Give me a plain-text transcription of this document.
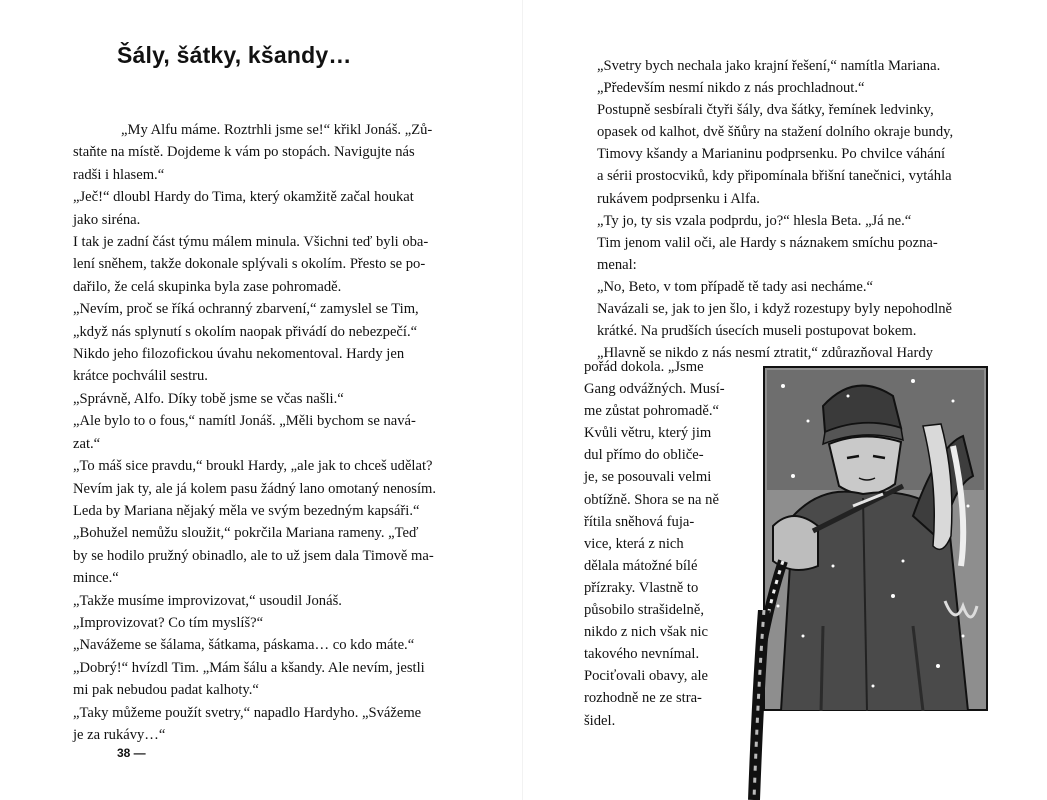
Šály, šátky, kšandy…

„My Alfu máme. Roztrhli jsme se!“ křikl Jonáš. „Zů-

staňte na místě. Dojdeme k vám po stopách. Navigujte nás

radši i hlasem.“

„Ječ!“ dloubl Hardy do Tima, který okamžitě začal houkat

jako siréna.

I tak je zadní část týmu málem minula. Všichni teď byli oba-

lení sněhem, takže dokonale splývali s okolím. Přesto se po-

dařilo, že celá skupinka byla zase pohromadě.

„Nevím, proč se říká ochranný zbarvení,“ zamyslel se Tim,

„když nás splynutí s okolím naopak přivádí do nebezpečí.“

Nikdo jeho filozofickou úvahu nekomentoval. Hardy jen

krátce pochválil sestru.

„Správně, Alfo. Díky tobě jsme se včas našli.“

„Ale bylo to o fous,“ namítl Jonáš. „Měli bychom se navá-

zat.“

„To máš sice pravdu,“ broukl Hardy, „ale jak to chceš udělat?

Nevím jak ty, ale já kolem pasu žádný lano omotaný nenosím.

Leda by Mariana nějaký měla ve svým bezedným kapsáři.“

„Bohužel nemůžu sloužit,“ pokrčila Mariana rameny. „Teď

by se hodilo pružný obinadlo, ale to už jsem dala Timově ma-

mince.“

„Takže musíme improvizovat,“ usoudil Jonáš.

„Improvizovat? Co tím myslíš?“

„Navážeme se šálama, šátkama, páskama… co kdo máte.“

„Dobrý!“ hvízdl Tim. „Mám šálu a kšandy. Ale nevím, jestli

mi pak nebudou padat kalhoty.“

„Taky můžeme použít svetry,“ napadlo Hardyho. „Svážeme

je za rukávy…“

38 —

„Svetry bych nechala jako krajní řešení,“ namítla Mariana.

„Především nesmí nikdo z nás prochladnout.“

Postupně sesbírali čtyři šály, dva šátky, řemínek ledvinky,

opasek od kalhot, dvě šňůry na stažení dolního okraje bundy,

Timovy kšandy a Marianinu podprsenku. Po chvilce váhání

a sérii prostocviků, kdy připomínala břišní tanečnici, vytáhla

rukávem podprsenku i Alfa.

„Ty jo, ty sis vzala podprdu, jo?“ hlesla Beta. „Já ne.“

Tim jenom valil oči, ale Hardy s náznakem smíchu pozna-

menal:

„No, Beto, v tom případě tě tady asi necháme.“

Navázali se, jak to jen šlo, i když rozestupy byly nepohodlně

krátké. Na prudších úsecích museli postupovat bokem.

„Hlavně se nikdo z nás nesmí ztratit,“ zdůrazňoval Hardy

pořád dokola. „Jsme

Gang odvážných. Musí-

me zůstat pohromadě.“

Kvůli větru, který jim

dul přímo do obliče-

je, se posouvali velmi

obtížně. Shora se na ně

řítila sněhová fuja-

vice, která z nich

dělala mátožné bílé

přízraky. Vlastně to

působilo strašidelně,

nikdo z nich však nic

takového nevnímal.

Pociťovali obavy, ale

rozhodně ne ze stra-

šidel.
